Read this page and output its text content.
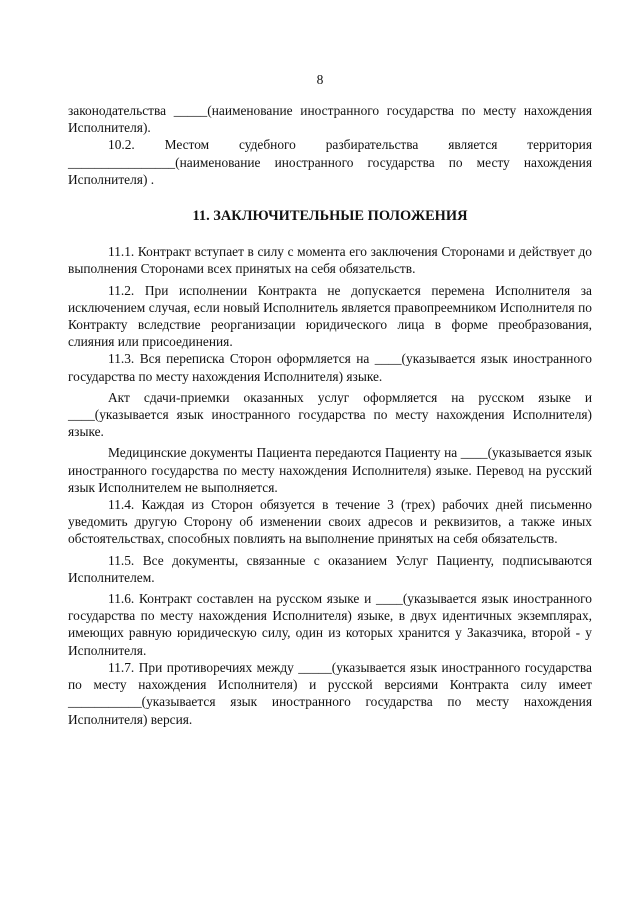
8

законодательства _____(наименование иностранного государства по месту нахождения Исполнителя).

10.2. Местом судебного разбирательства является территория ________________(наименование иностранного государства по месту нахождения Исполнителя) .

11. ЗАКЛЮЧИТЕЛЬНЫЕ ПОЛОЖЕНИЯ

11.1. Контракт вступает в силу с момента его заключения Сторонами и действует до выполнения Сторонами всех принятых на себя обязательств.

11.2. При исполнении Контракта не допускается перемена Исполнителя за исключением случая, если новый Исполнитель является правопреемником Исполнителя по Контракту вследствие реорганизации юридического лица в форме преобразования, слияния или присоединения.

11.3. Вся переписка Сторон оформляется на ____(указывается язык иностранного государства по месту нахождения Исполнителя) языке.

Акт сдачи-приемки оказанных услуг оформляется на русском языке и ____(указывается язык иностранного государства по месту нахождения Исполнителя) языке.

Медицинские документы Пациента передаются Пациенту на ____(указывается язык иностранного государства по месту нахождения Исполнителя) языке. Перевод на русский язык Исполнителем не выполняется.

11.4. Каждая из Сторон обязуется в течение 3 (трех) рабочих дней письменно уведомить другую Сторону об изменении своих адресов и реквизитов, а также иных обстоятельствах, способных повлиять на выполнение принятых на себя обязательств.

11.5. Все документы, связанные с оказанием Услуг Пациенту, подписываются Исполнителем.

11.6. Контракт составлен на русском языке и ____(указывается язык иностранного государства по месту нахождения Исполнителя) языке, в двух идентичных экземплярах, имеющих равную юридическую силу, один из которых хранится у Заказчика, второй - у Исполнителя.

11.7. При противоречиях между _____(указывается язык иностранного государства по месту нахождения Исполнителя) и русской версиями Контракта силу имеет ___________(указывается язык иностранного государства по месту нахождения Исполнителя) версия.
